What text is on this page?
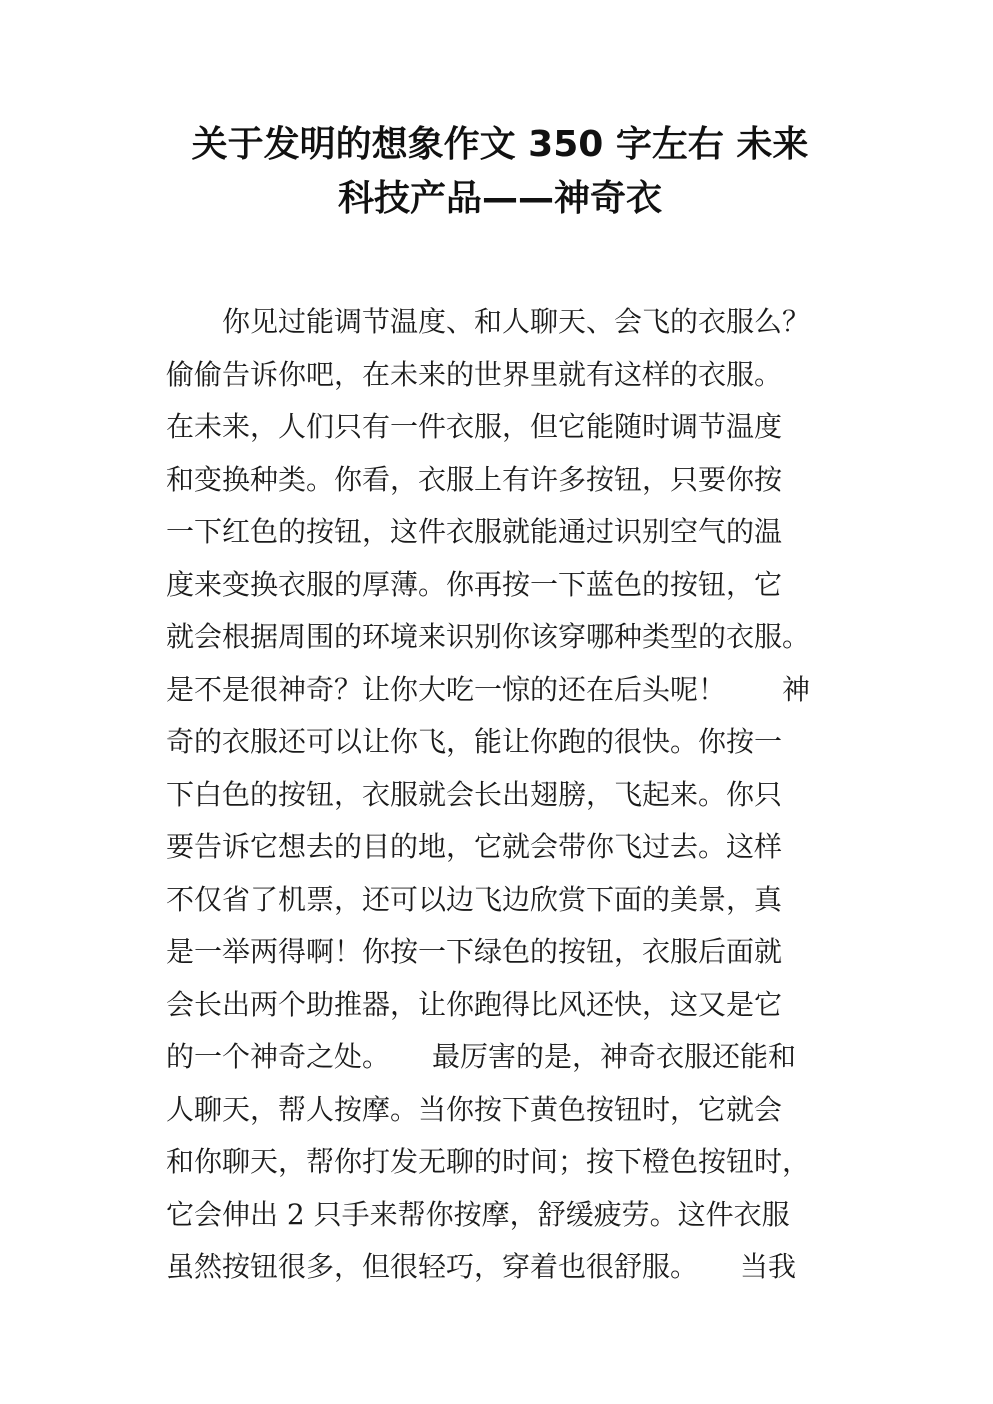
关于发明的想象作文 350 字左右 未来
科技产品——神奇衣
　　你见过能调节温度、和人聊天、会飞的衣服么？
偷偷告诉你吧，在未来的世界里就有这样的衣服。
在未来，人们只有一件衣服，但它能随时调节温度
和变换种类。你看，衣服上有许多按钮，只要你按
一下红色的按钮，这件衣服就能通过识别空气的温
度来变换衣服的厚薄。你再按一下蓝色的按钮，它
就会根据周围的环境来识别你该穿哪种类型的衣服。
是不是很神奇？让你大吃一惊的还在后头呢！　　神
奇的衣服还可以让你飞，能让你跑的很快。你按一
下白色的按钮，衣服就会长出翅膀，飞起来。你只
要告诉它想去的目的地，它就会带你飞过去。这样
不仅省了机票，还可以边飞边欣赏下面的美景，真
是一举两得啊！你按一下绿色的按钮，衣服后面就
会长出两个助推器，让你跑得比风还快，这又是它
的一个神奇之处。　　最厉害的是，神奇衣服还能和
人聊天，帮人按摩。当你按下黄色按钮时，它就会
和你聊天，帮你打发无聊的时间；按下橙色按钮时，
它会伸出 2 只手来帮你按摩，舒缓疲劳。这件衣服
虽然按钮很多，但很轻巧，穿着也很舒服。　　当我
